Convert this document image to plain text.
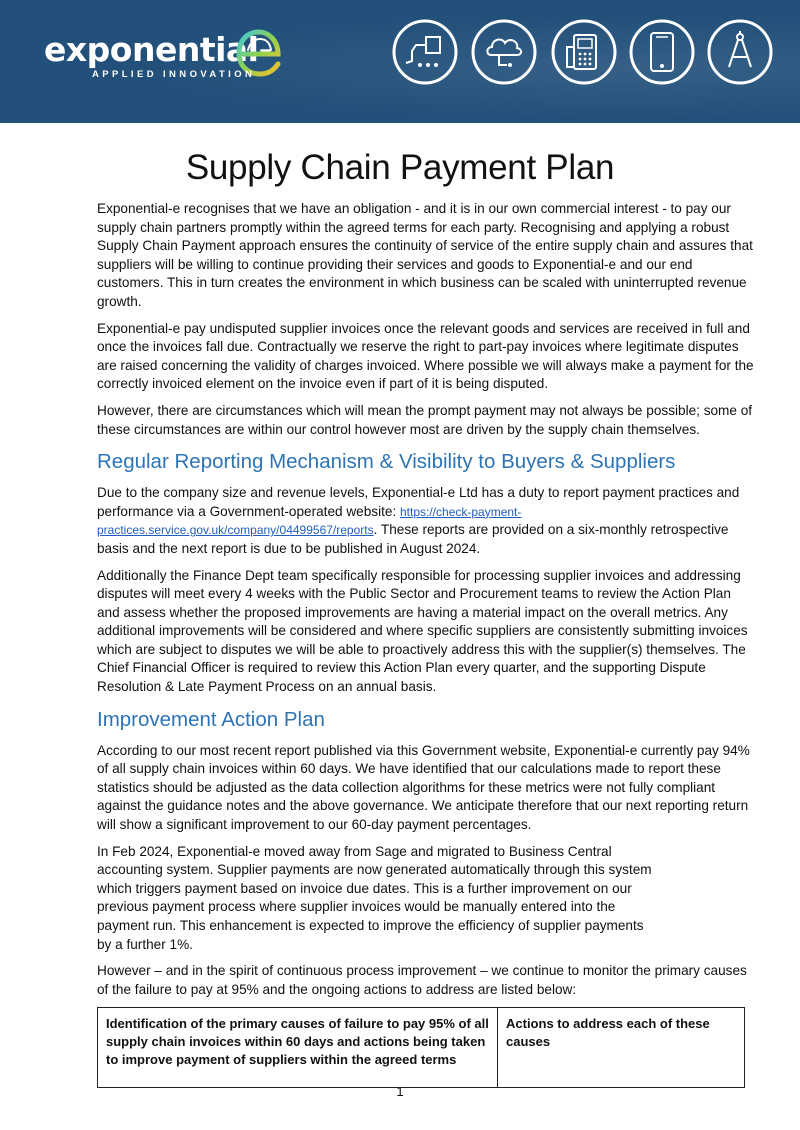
exponential-
APPLIED INNOVATION
Supply Chain Payment Plan

Exponential-e recognises that we have an obligation - and it is in our own commercial interest - to pay our supply chain partners promptly within the agreed terms for each party. Recognising and applying a robust Supply Chain Payment approach ensures the continuity of service of the entire supply chain and assures that suppliers will be willing to continue providing their services and goods to Exponential-e and our end customers. This in turn creates the environment in which business can be scaled with uninterrupted revenue growth.

Exponential-e pay undisputed supplier invoices once the relevant goods and services are received in full and once the invoices fall due. Contractually we reserve the right to part-pay invoices where legitimate disputes are raised concerning the validity of charges invoiced. Where possible we will always make a payment for the correctly invoiced element on the invoice even if part of it is being disputed.

However, there are circumstances which will mean the prompt payment may not always be possible; some of these circumstances are within our control however most are driven by the supply chain themselves.

Regular Reporting Mechanism & Visibility to Buyers & Suppliers

Due to the company size and revenue levels, Exponential-e Ltd has a duty to report payment practices and performance via a Government-operated website: https://check-payment-practices.service.gov.uk/company/04499567/reports. These reports are provided on a six-monthly retrospective basis and the next report is due to be published in August 2024.

Additionally the Finance Dept team specifically responsible for processing supplier invoices and addressing disputes will meet every 4 weeks with the Public Sector and Procurement teams to review the Action Plan and assess whether the proposed improvements are having a material impact on the overall metrics. Any additional improvements will be considered and where specific suppliers are consistently submitting invoices which are subject to disputes we will be able to proactively address this with the supplier(s) themselves. The Chief Financial Officer is required to review this Action Plan every quarter, and the supporting Dispute Resolution & Late Payment Process on an annual basis.

Improvement Action Plan

According to our most recent report published via this Government website, Exponential-e currently pay 94% of all supply chain invoices within 60 days. We have identified that our calculations made to report these statistics should be adjusted as the data collection algorithms for these metrics were not fully compliant against the guidance notes and the above governance. We anticipate therefore that our next reporting return will show a significant improvement to our 60-day payment percentages.

In Feb 2024, Exponential-e moved away from Sage and migrated to Business Central accounting system. Supplier payments are now generated automatically through this system which triggers payment based on invoice due dates. This is a further improvement on our previous payment process where supplier invoices would be manually entered into the payment run. This enhancement is expected to improve the efficiency of supplier payments by a further 1%.

However – and in the spirit of continuous process improvement – we continue to monitor the primary causes of the failure to pay at 95% and the ongoing actions to address are listed below:

Identification of the primary causes of failure to pay 95% of all supply chain invoices within 60 days and actions being taken to improve payment of suppliers within the agreed terms	Actions to address each of these causes
1
